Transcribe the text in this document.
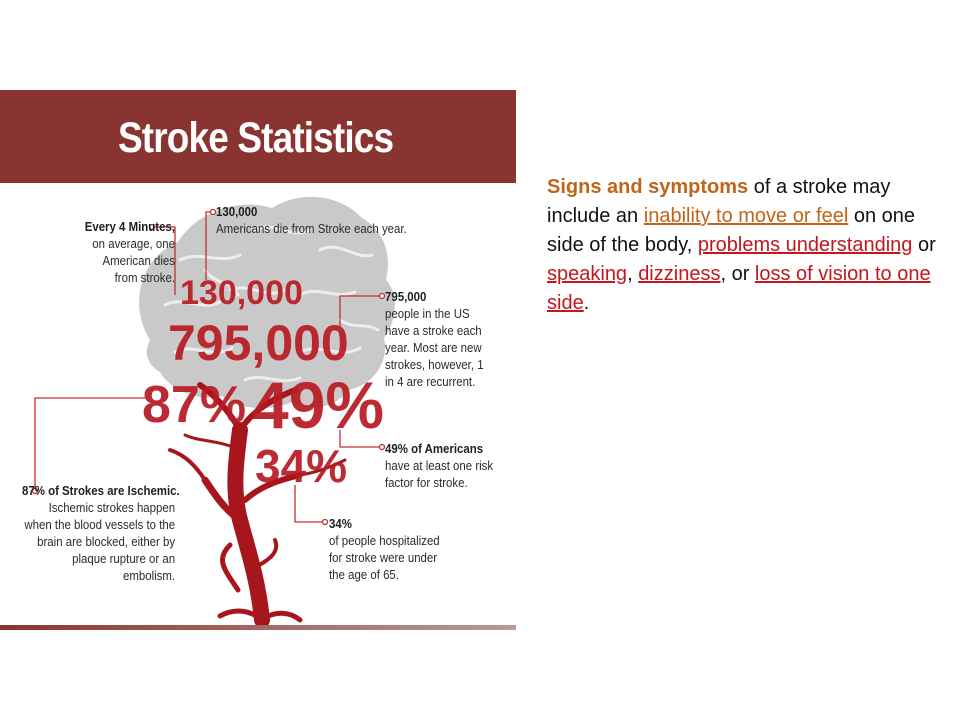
Stroke Statistics
130,000
795,000
87% 49%
34%
Every 4 Minutes,
on average, one
American dies
from stroke.
130,000
Americans die from Stroke each year.
795,000
people in the US
have a stroke each
year. Most are new
strokes, however, 1
in 4 are recurrent.
49% of Americans
have at least one risk
factor for stroke.
87% of Strokes are Ischemic.
Ischemic strokes happen
when the blood vessels to the
brain are blocked, either by
plaque rupture or an embolism.
34%
of people hospitalized
for stroke were under
the age of 65.
Signs and symptoms of a stroke may include an inability to move or feel on one side of the body, problems understanding or speaking, dizziness, or loss of vision to one side.
